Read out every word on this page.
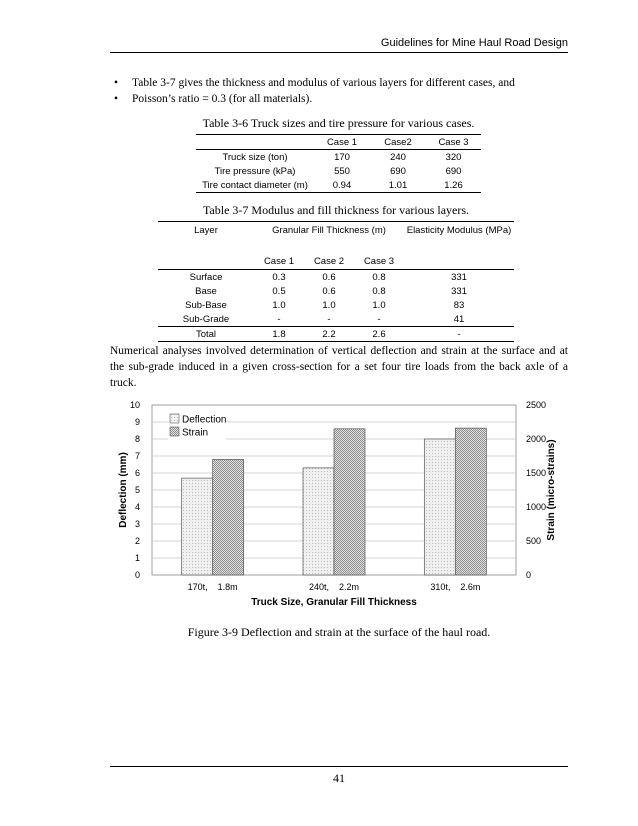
Guidelines for Mine Haul Road Design
• Table 3-7 gives the thickness and modulus of various layers for different cases, and
• Poisson’s ratio = 0.3 (for all materials).
Table 3-6 Truck sizes and tire pressure for various cases.
	Case 1	Case2	Case 3
Truck size (ton)	170	240	320
Tire pressure (kPa)	550	690	690
Tire contact diameter (m)	0.94	1.01	1.26
Table 3-7 Modulus and fill thickness for various layers.
Layer	Granular Fill Thickness (m)			Elasticity Modulus (MPa)
	Case 1	Case 2	Case 3	
Surface	0.3	0.6	0.8	331
Base	0.5	0.6	0.8	331
Sub-Base	1.0	1.0	1.0	83
Sub-Grade	-	-	-	41
Total	1.8	2.2	2.6	-
Numerical analyses involved determination of vertical deflection and strain at the surface and at the sub-grade induced in a given cross-section for a set four tire loads from the back axle of a truck.
0
1
2
3
4
5
6
7
8
9
10
0
500
1000
1500
2000
2500
170t,    1.8m	240t,    2.2m	310t,    2.6m
Truck Size, Granular Fill Thickness
Deflection (mm)	Strain (micro-strains)
Deflection
Strain
Figure 3-9 Deflection and strain at the surface of the haul road.
41
